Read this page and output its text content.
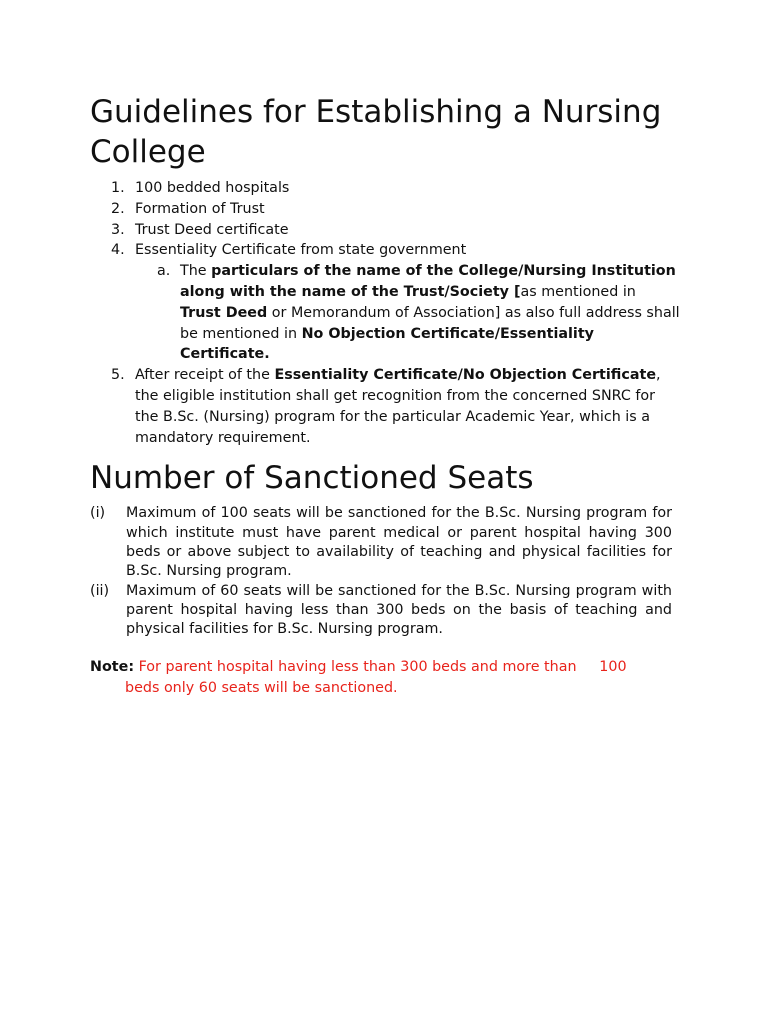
Guidelines for Establishing a Nursing College
1. 100 bedded hospitals
2. Formation of Trust
3. Trust Deed certificate
4. Essentiality Certificate from state government
a. The particulars of the name of the College/Nursing Institution along with the name of the Trust/Society [as mentioned in Trust Deed or Memorandum of Association] as also full address shall be mentioned in No Objection Certificate/Essentiality Certificate.
5. After receipt of the Essentiality Certificate/No Objection Certificate, the eligible institution shall get recognition from the concerned SNRC for the B.Sc. (Nursing) program for the particular Academic Year, which is a mandatory requirement.
Number of Sanctioned Seats
(i) Maximum of 100 seats will be sanctioned for the B.Sc. Nursing program for which institute must have parent medical or parent hospital having 300 beds or above subject to availability of teaching and physical facilities for B.Sc. Nursing program.
(ii) Maximum of 60 seats will be sanctioned for the B.Sc. Nursing program with parent hospital having less than 300 beds on the basis of teaching and physical facilities for B.Sc. Nursing program.
Note: For parent hospital having less than 300 beds and more than     100
beds only 60 seats will be sanctioned.
